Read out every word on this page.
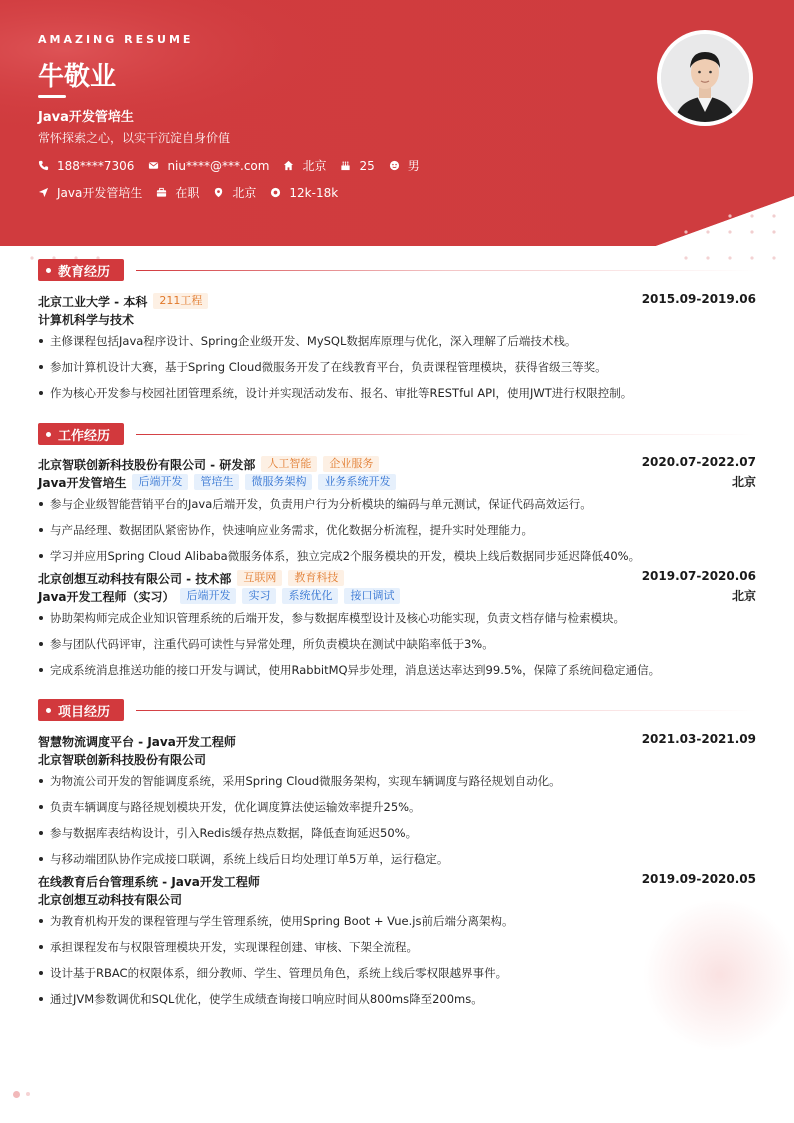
AMAZING RESUME
牛敬业
Java开发管培生
常怀探索之心，以实干沉淀自身价值
188****7306	niu****@***.com	北京	25	男
Java开发管培生	在职	北京	12k-18k
教育经历
北京工业大学 - 本科	211工程	2015.09-2019.06
计算机科学与技术
主修课程包括Java程序设计、Spring企业级开发、MySQL数据库原理与优化，深入理解了后端技术栈。
参加计算机设计大赛，基于Spring Cloud微服务开发了在线教育平台，负责课程管理模块，获得省级三等奖。
作为核心开发参与校园社团管理系统，设计并实现活动发布、报名、审批等RESTful API，使用JWT进行权限控制。
工作经历
北京智联创新科技股份有限公司 - 研发部	人工智能	企业服务	2020.07-2022.07
Java开发管培生	后端开发	管培生	微服务架构	业务系统开发	北京
参与企业级智能营销平台的Java后端开发，负责用户行为分析模块的编码与单元测试，保证代码高效运行。
与产品经理、数据团队紧密协作，快速响应业务需求，优化数据分析流程，提升实时处理能力。
学习并应用Spring Cloud Alibaba微服务体系，独立完成2个服务模块的开发，模块上线后数据同步延迟降低40%。
北京创想互动科技有限公司 - 技术部	互联网	教育科技	2019.07-2020.06
Java开发工程师（实习）	后端开发	实习	系统优化	接口调试	北京
协助架构师完成企业知识管理系统的后端开发，参与数据库模型设计及核心功能实现，负责文档存储与检索模块。
参与团队代码评审，注重代码可读性与异常处理，所负责模块在测试中缺陷率低于3%。
完成系统消息推送功能的接口开发与调试，使用RabbitMQ异步处理，消息送达率达到99.5%，保障了系统间稳定通信。
项目经历
智慧物流调度平台 - Java开发工程师	2021.03-2021.09
北京智联创新科技股份有限公司
为物流公司开发的智能调度系统，采用Spring Cloud微服务架构，实现车辆调度与路径规划自动化。
负责车辆调度与路径规划模块开发，优化调度算法使运输效率提升25%。
参与数据库表结构设计，引入Redis缓存热点数据，降低查询延迟50%。
与移动端团队协作完成接口联调，系统上线后日均处理订单5万单，运行稳定。
在线教育后台管理系统 - Java开发工程师	2019.09-2020.05
北京创想互动科技有限公司
为教育机构开发的课程管理与学生管理系统，使用Spring Boot + Vue.js前后端分离架构。
承担课程发布与权限管理模块开发，实现课程创建、审核、下架全流程。
设计基于RBAC的权限体系，细分教师、学生、管理员角色，系统上线后零权限越界事件。
通过JVM参数调优和SQL优化，使学生成绩查询接口响应时间从800ms降至200ms。
